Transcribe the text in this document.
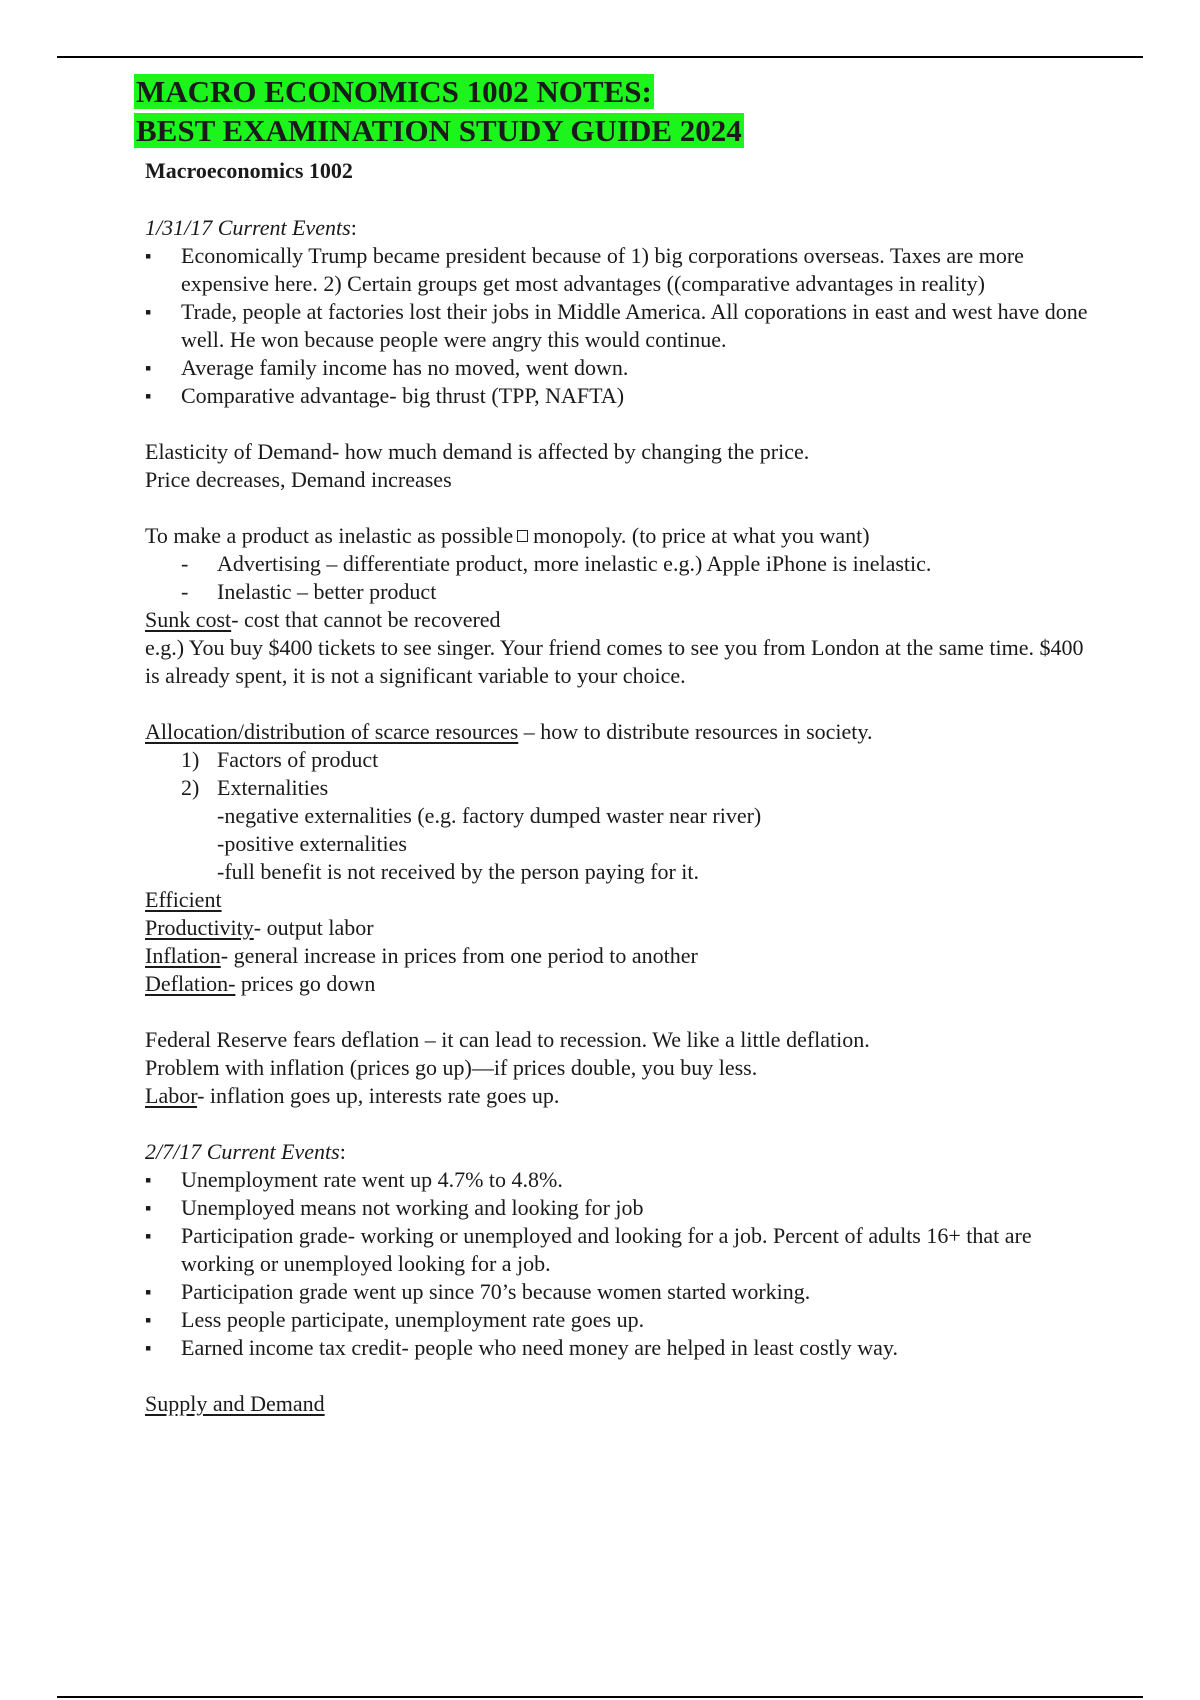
MACRO ECONOMICS 1002 NOTES:
BEST EXAMINATION STUDY GUIDE 2024

Macroeconomics 1002

1/31/17 Current Events:

▪ Economically Trump became president because of 1) big corporations overseas. Taxes are more expensive here. 2) Certain groups get most advantages ((comparative advantages in reality)
▪ Trade, people at factories lost their jobs in Middle America. All coporations in east and west have done well. He won because people were angry this would continue.
▪ Average family income has no moved, went down.
▪ Comparative advantage- big thrust (TPP, NAFTA)

Elasticity of Demand- how much demand is affected by changing the price.

Price decreases, Demand increases

To make a product as inelastic as possible monopoly. (to price at what you want)

- Advertising – differentiate product, more inelastic e.g.) Apple iPhone is inelastic.
- Inelastic – better product

Sunk cost- cost that cannot be recovered

e.g.) You buy $400 tickets to see singer. Your friend comes to see you from London at the same time. $400 is already spent, it is not a significant variable to your choice.

Allocation/distribution of scarce resources – how to distribute resources in society.

1) Factors of product
2) Externalities

-negative externalities (e.g. factory dumped waster near river)

-positive externalities

-full benefit is not received by the person paying for it.

Efficient

Productivity- output labor

Inflation- general increase in prices from one period to another

Deflation- prices go down

Federal Reserve fears deflation – it can lead to recession. We like a little deflation.

Problem with inflation (prices go up)—if prices double, you buy less.

Labor- inflation goes up, interests rate goes up.

2/7/17 Current Events:

▪ Unemployment rate went up 4.7% to 4.8%.
▪ Unemployed means not working and looking for job
▪ Participation grade- working or unemployed and looking for a job. Percent of adults 16+ that are working or unemployed looking for a job.
▪ Participation grade went up since 70’s because women started working.
▪ Less people participate, unemployment rate goes up.
▪ Earned income tax credit- people who need money are helped in least costly way.

Supply and Demand
